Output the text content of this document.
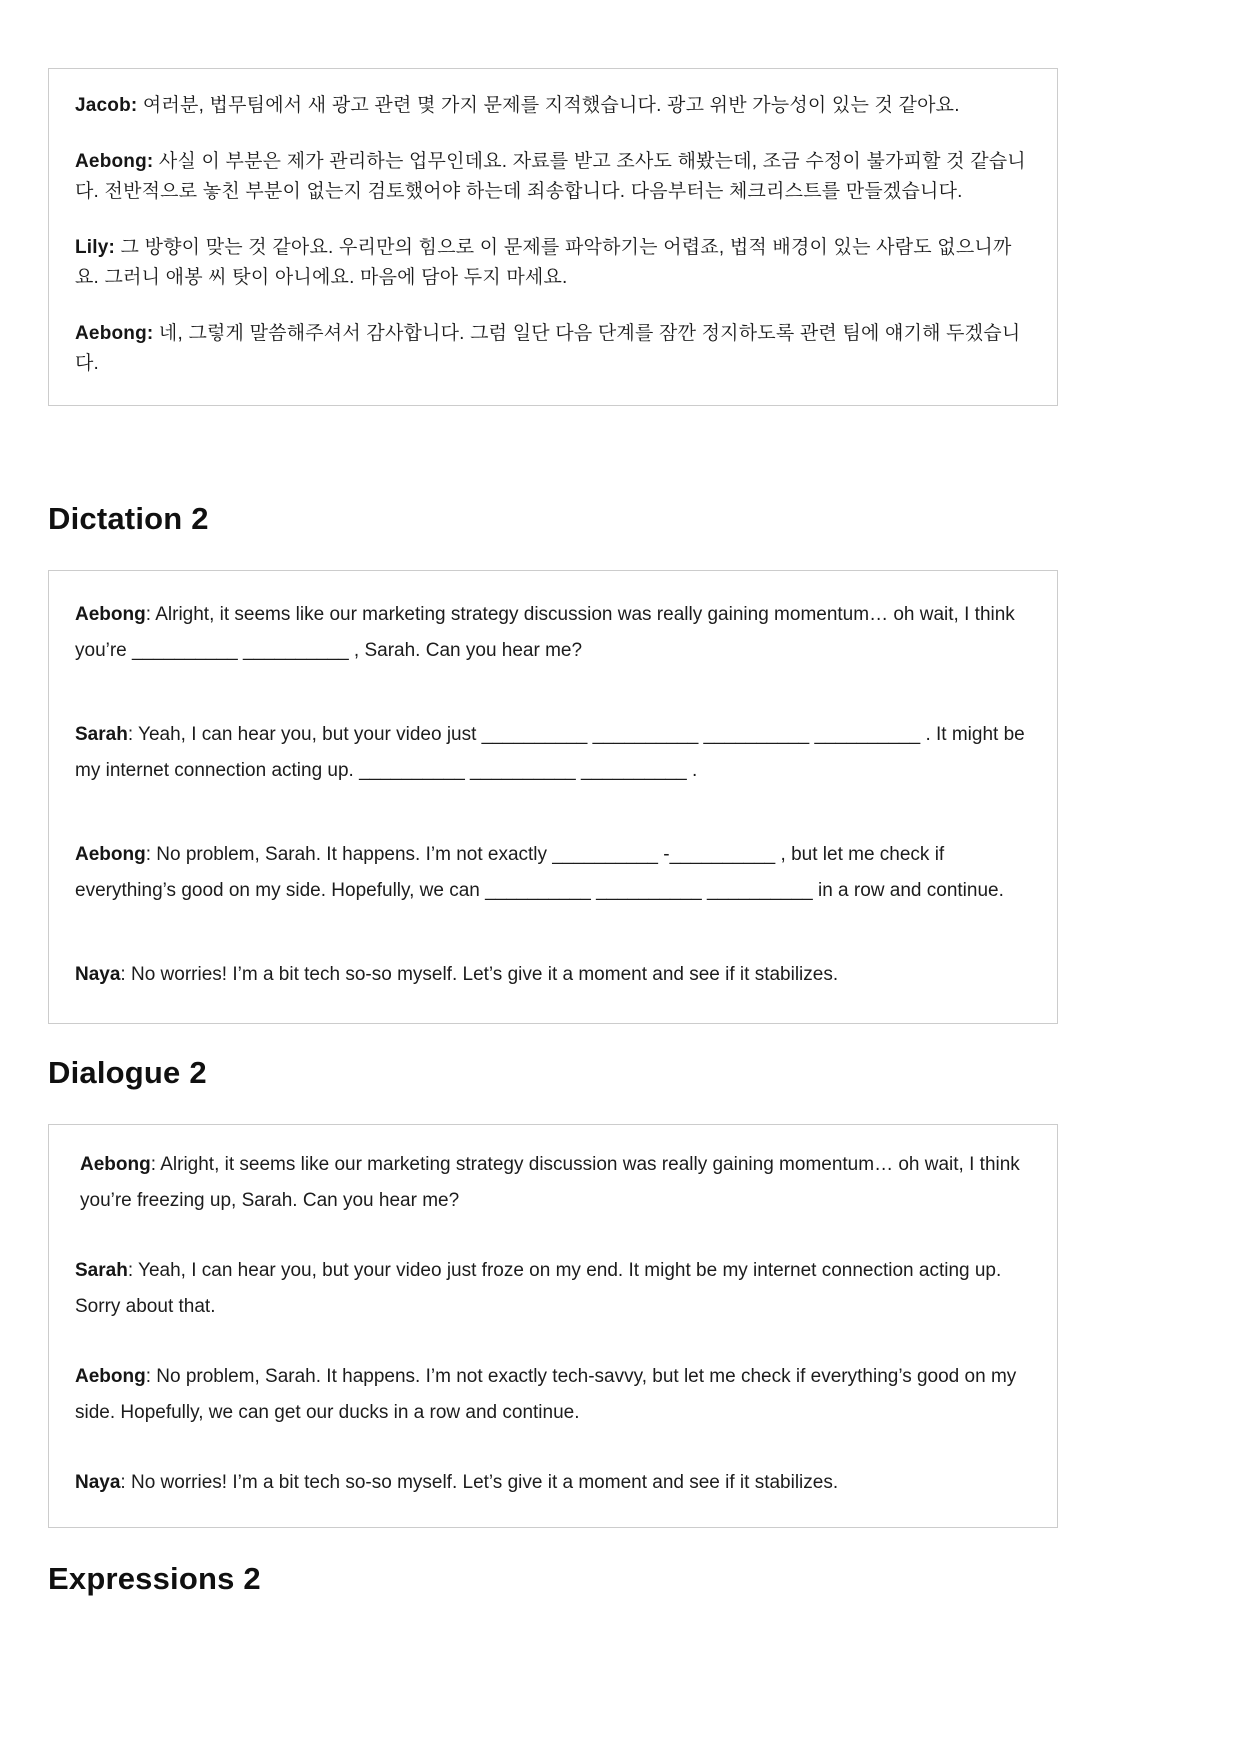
Jacob: 여러분, 법무팀에서 새 광고 관련 몇 가지 문제를 지적했습니다. 광고 위반 가능성이 있는 것 같아요.

Aebong: 사실 이 부분은 제가 관리하는 업무인데요. 자료를 받고 조사도 해봤는데, 조금 수정이 불가피할 것 같습니다. 전반적으로 놓친 부분이 없는지 검토했어야 하는데 죄송합니다. 다음부터는 체크리스트를 만들겠습니다.

Lily: 그 방향이 맞는 것 같아요. 우리만의 힘으로 이 문제를 파악하기는 어렵죠, 법적 배경이 있는 사람도 없으니까요. 그러니 애봉 씨 탓이 아니에요. 마음에 담아 두지 마세요.

Aebong: 네, 그렇게 말씀해주셔서 감사합니다. 그럼 일단 다음 단계를 잠깐 정지하도록 관련 팀에 얘기해 두겠습니다.

Dictation 2

Aebong: Alright, it seems like our marketing strategy discussion was really gaining momentum… oh wait, I think you’re __________ __________ , Sarah. Can you hear me?

Sarah: Yeah, I can hear you, but your video just __________ __________ __________ __________ . It might be my internet connection acting up. __________ __________ __________ .

Aebong: No problem, Sarah. It happens. I’m not exactly __________ -__________ , but let me check if everything’s good on my side. Hopefully, we can __________ __________ __________ in a row and continue.

Naya: No worries! I’m a bit tech so-so myself. Let’s give it a moment and see if it stabilizes.

Dialogue 2

Aebong: Alright, it seems like our marketing strategy discussion was really gaining momentum… oh wait, I think you’re freezing up, Sarah. Can you hear me?

Sarah: Yeah, I can hear you, but your video just froze on my end. It might be my internet connection acting up. Sorry about that.

Aebong: No problem, Sarah. It happens. I’m not exactly tech-savvy, but let me check if everything’s good on my side. Hopefully, we can get our ducks in a row and continue.

Naya: No worries! I’m a bit tech so-so myself. Let’s give it a moment and see if it stabilizes.

Expressions 2
